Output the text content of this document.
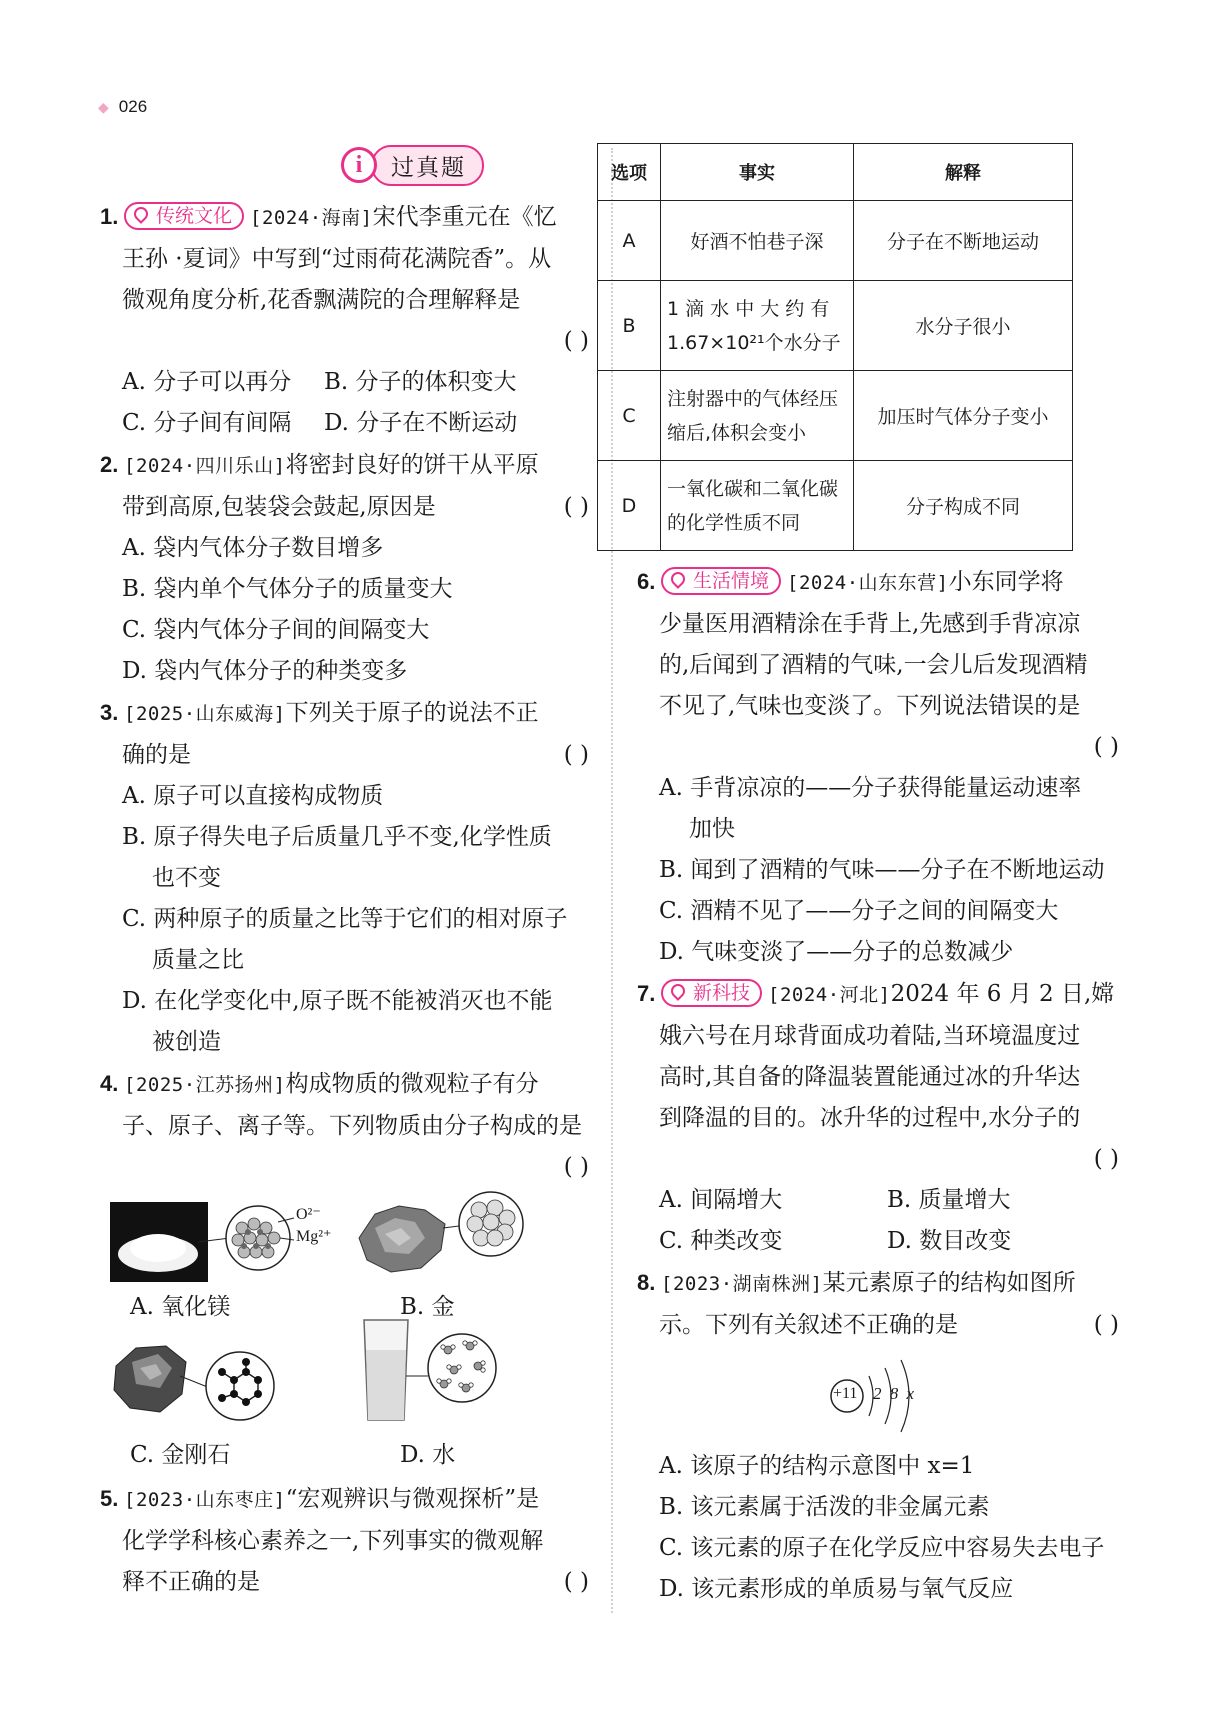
◆ 026
i	过真题
1. 传统文化 [2024·海南]宋代李重元在《忆
王孙 ·夏词》中写到“过雨荷花满院香”。从
微观角度分析,花香飘满院的合理解释是
( )

A. 分子可以再分 B. 分子的体积变大
C. 分子间有间隔 D. 分子在不断运动
2. [2024·四川乐山]将密封良好的饼干从平原
带到高原,包装袋会鼓起,原因是	( )
A. 袋内气体分子数目增多
B. 袋内单个气体分子的质量变大
C. 袋内气体分子间的间隔变大
D. 袋内气体分子的种类变多
3. [2025·山东威海]下列关于原子的说法不正
确的是	( )
A. 原子可以直接构成物质
B. 原子得失电子后质量几乎不变,化学性质
也不变
C. 两种原子的质量之比等于它们的相对原子
质量之比
D. 在化学变化中,原子既不能被消灭也不能
被创造
4. [2025·江苏扬州]构成物质的微观粒子有分
子、原子、离子等。下列物质由分子构成的是
( )

O²⁻
Mg²⁺
A. 氧化镁	B. 金
C. 金刚石	D. 水
5. [2023·山东枣庄]“宏观辨识与微观探析”是
化学学科核心素养之一,下列事实的微观解
释不正确的是	( )
选项	事实	解释
A	好酒不怕巷子深	分子在不断地运动
B	1 滴 水 中 大 约 有
1.67×10²¹个水分子	水分子很小
C	注射器中的气体经压
缩后,体积会变小	加压时气体分子变小
D	一氧化碳和二氧化碳
的化学性质不同	分子构成不同
6. 生活情境 [2024·山东东营]小东同学将
少量医用酒精涂在手背上,先感到手背凉凉
的,后闻到了酒精的气味,一会儿后发现酒精
不见了,气味也变淡了。下列说法错误的是
( )

A. 手背凉凉的——分子获得能量运动速率
加快
B. 闻到了酒精的气味——分子在不断地运动
C. 酒精不见了——分子之间的间隔变大
D. 气味变淡了——分子的总数减少
7. 新科技 [2024·河北]2024 年 6 月 2 日,嫦
娥六号在月球背面成功着陆,当环境温度过
高时,其自备的降温装置能通过冰的升华达
到降温的目的。冰升华的过程中,水分子的
( )

A. 间隔增大	B. 质量增大
C. 种类改变	D. 数目改变
8. [2023·湖南株洲]某元素原子的结构如图所
示。下列有关叙述不正确的是	( )
+11 2 8 x
A. 该原子的结构示意图中 x=1
B. 该元素属于活泼的非金属元素
C. 该元素的原子在化学反应中容易失去电子
D. 该元素形成的单质易与氧气反应
